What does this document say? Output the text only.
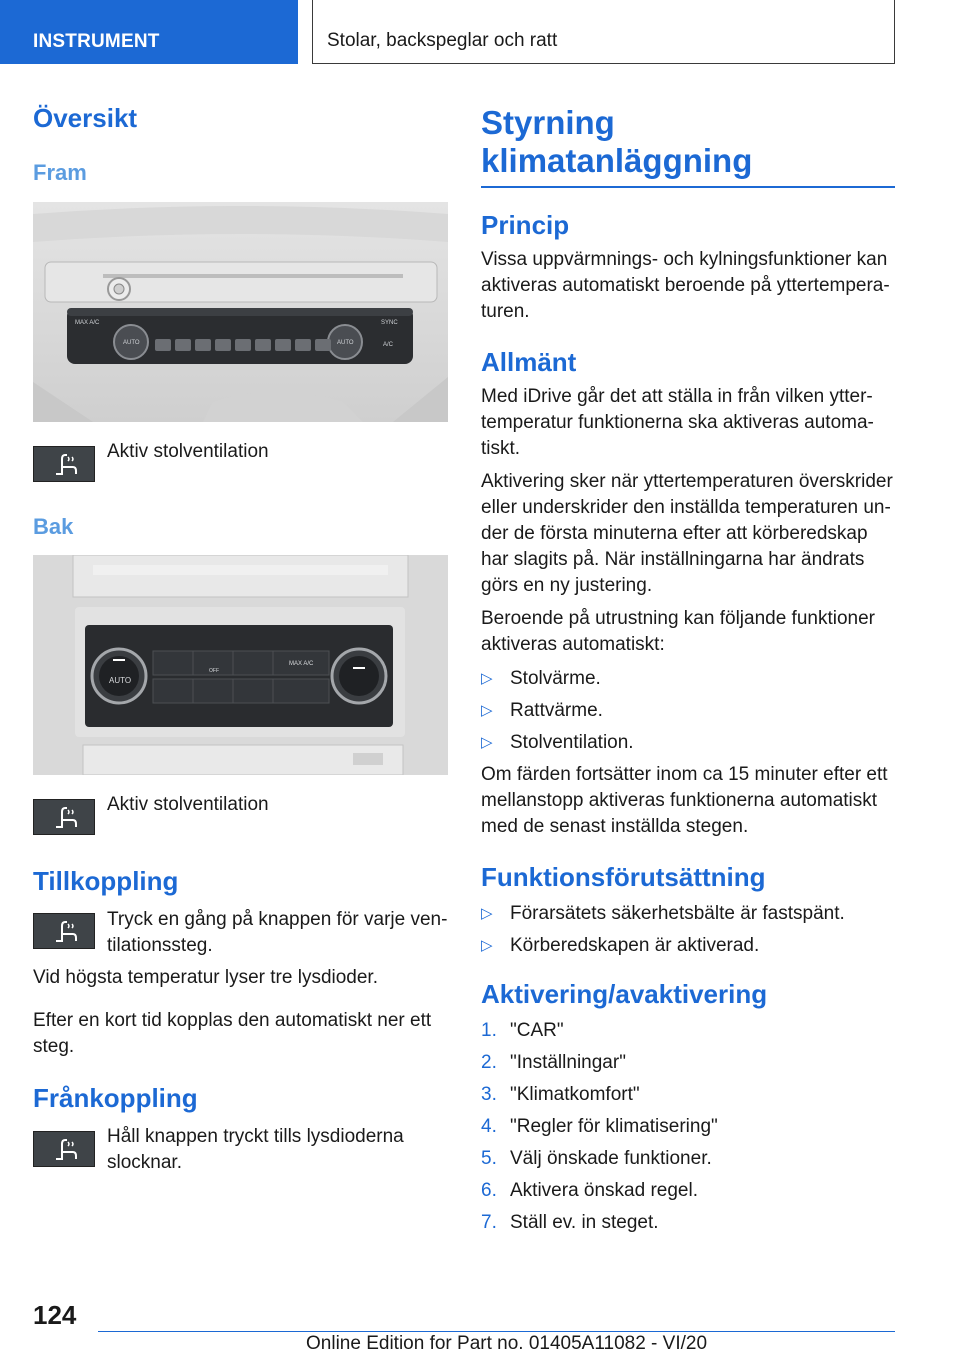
INSTRUMENT	Stolar, backspeglar och ratt
Översikt
Fram
MAX A/C	SYNC
A/C
AUTO	AUTO
Aktiv stolventilation
Bak
AUTO
OFF
MAX A/C
Aktiv stolventilation
Tillkoppling
Tryck en gång på knappen för varje ven-tilationssteg.

Vid högsta temperatur lyser tre lysdioder.

Efter en kort tid kopplas den automatiskt ner ett steg.

Frånkoppling
Håll knappen tryckt tills lysdioderna slocknar.
Styrning klimatanläggning
Princip

Vissa uppvärmnings- och kylningsfunktioner kan aktiveras automatiskt beroende på yttertempera-turen.

Allmänt

Med iDrive går det att ställa in från vilken ytter-temperatur funktionerna ska aktiveras automa-tiskt.

Aktivering sker när yttertemperaturen överskrider eller underskrider den inställda temperaturen un-der de första minuterna efter att körberedskap har slagits på. När inställningarna har ändrats görs en ny justering.

Beroende på utrustning kan följande funktioner aktiveras automatiskt:

▷ Stolvärme.
▷ Rattvärme.
▷ Stolventilation.

Om färden fortsätter inom ca 15 minuter efter ett mellanstopp aktiveras funktionerna automatiskt med de senast inställda stegen.

Funktionsförutsättning
▷ Förarsätets säkerhetsbälte är fastspänt.
▷ Körberedskapen är aktiverad.
Aktivering/avaktivering
1. "CAR"
2. "Inställningar"
3. "Klimatkomfort"
4. "Regler för klimatisering"
5. Välj önskade funktioner.
6. Aktivera önskad regel.
7. Ställ ev. in steget.
124
Online Edition for Part no. 01405A11082 - VI/20
